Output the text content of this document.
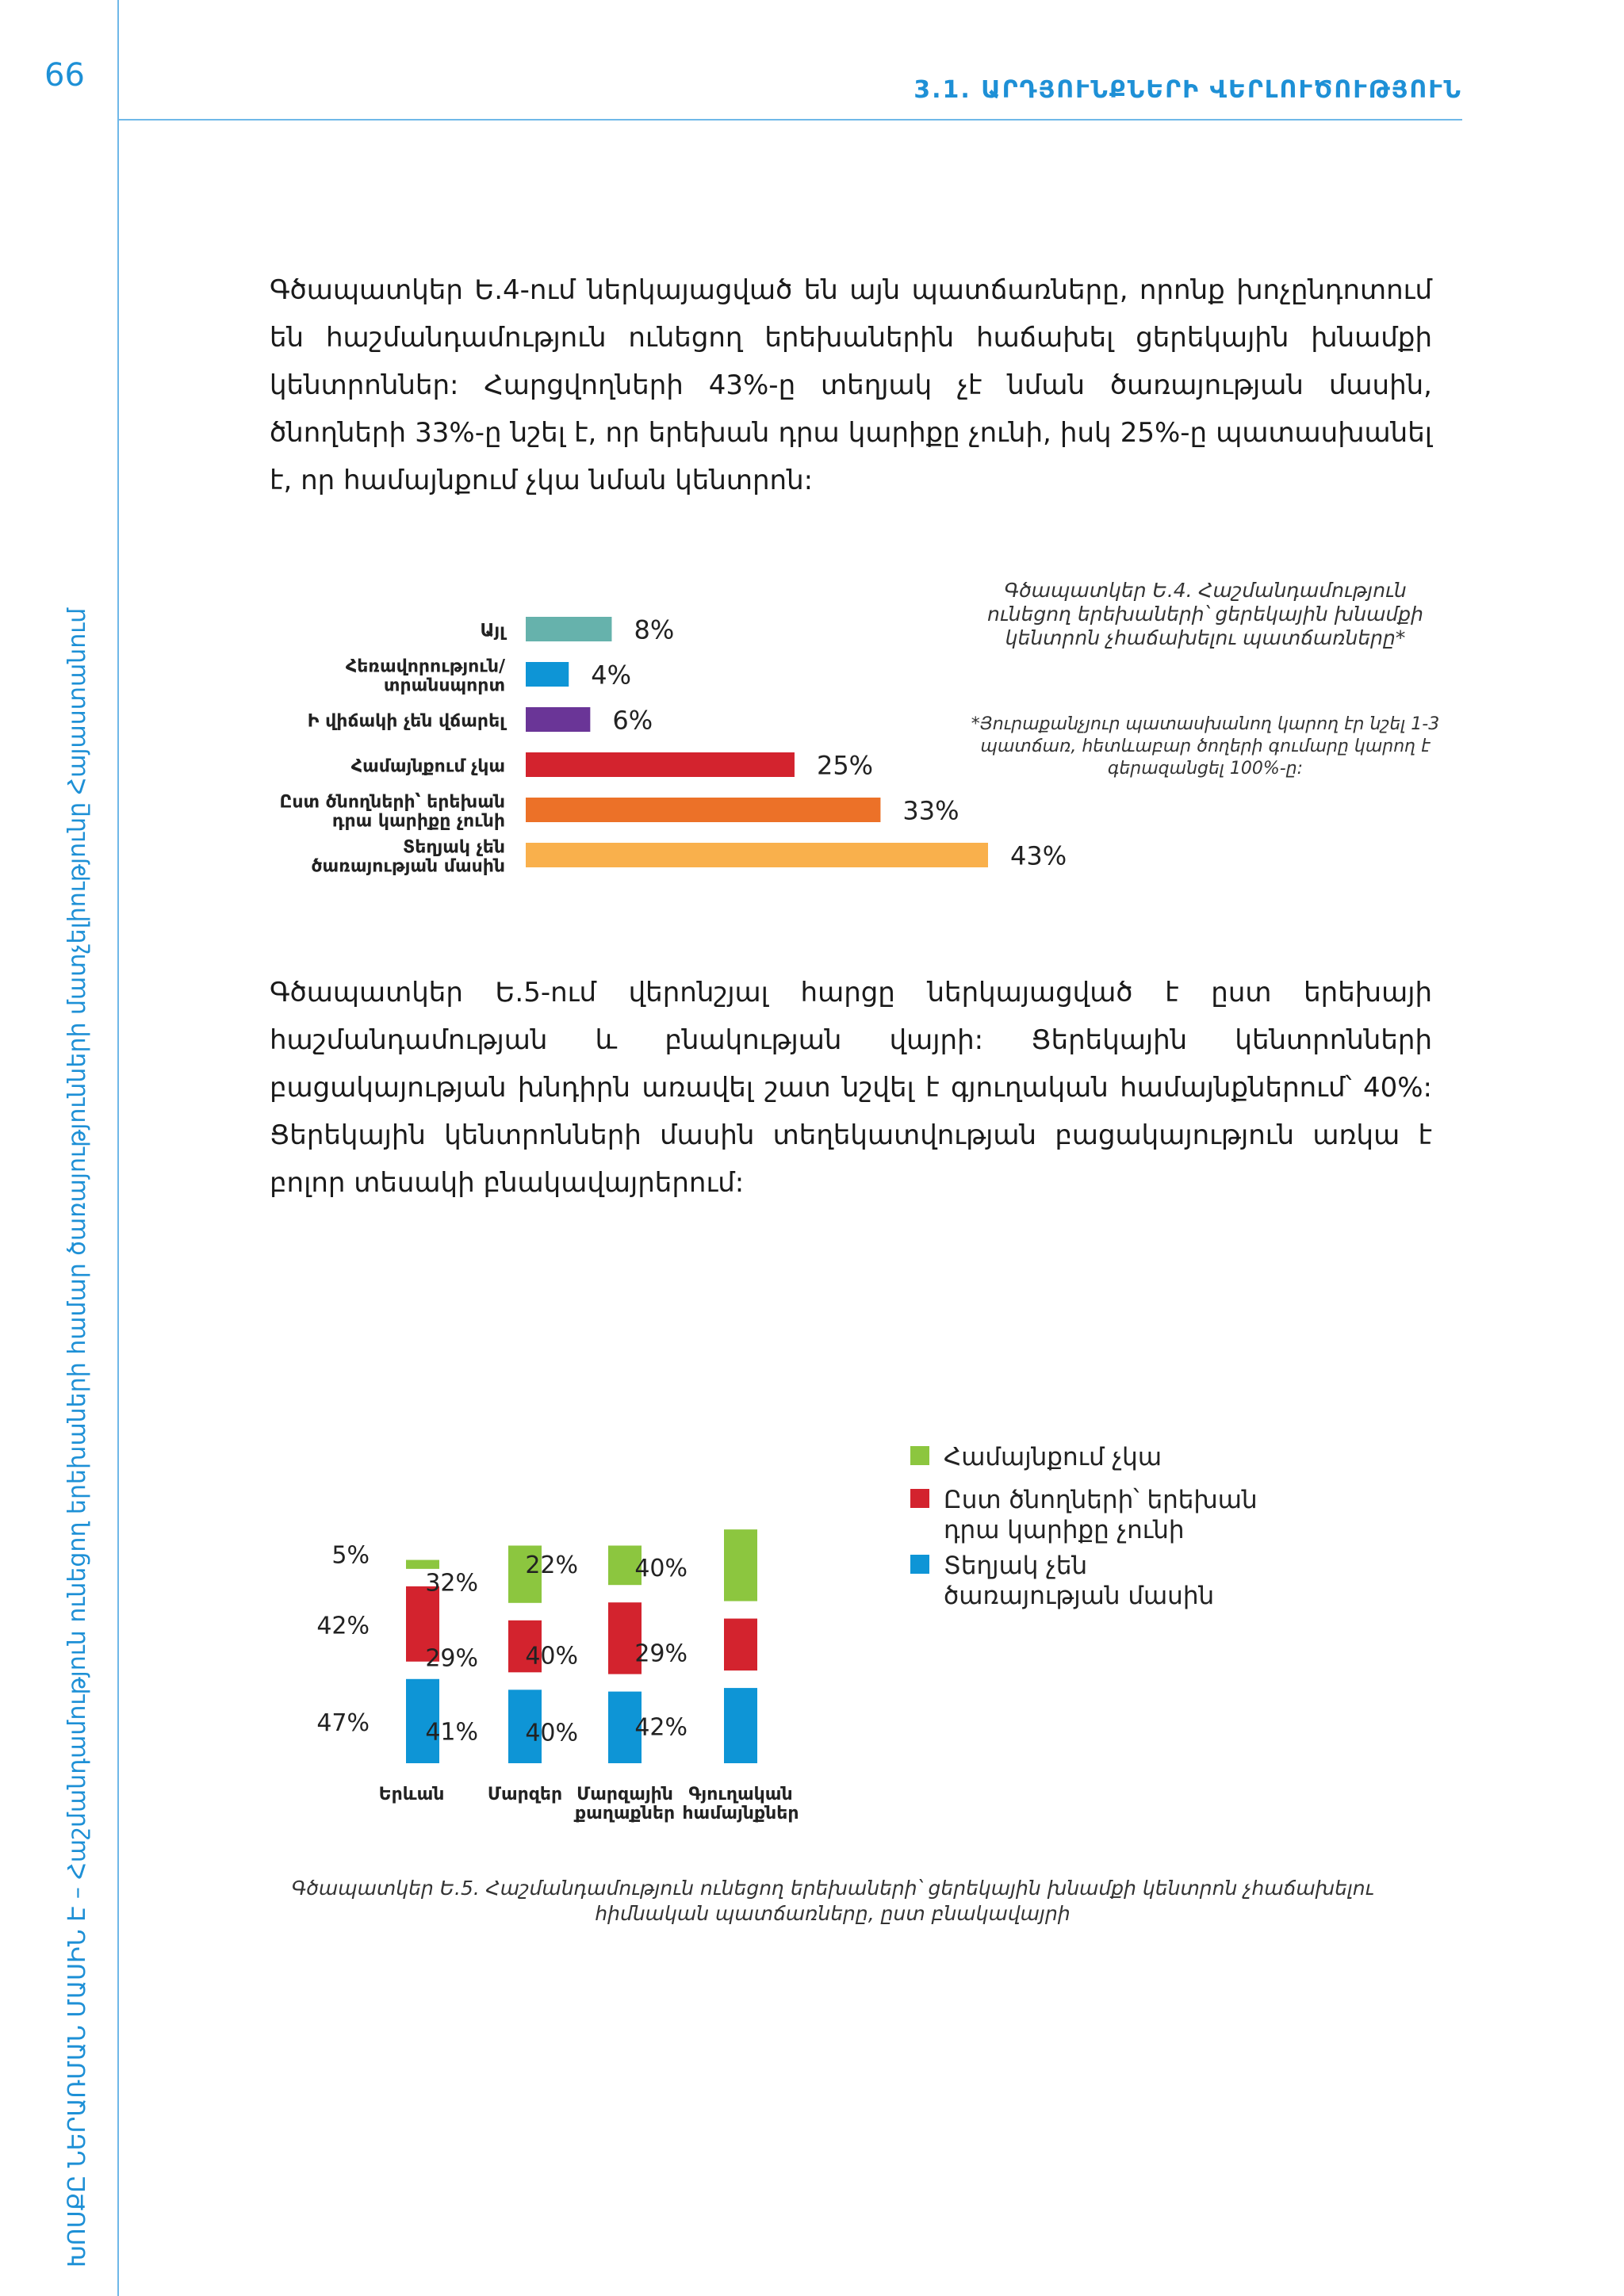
66	3.1. ԱՐԴՅՈՒՆՔՆԵՐԻ ՎԵՐԼՈՒԾՈՒԹՅՈՒՆ
ԽՈՍՔԸ ՆԵՐԱՌՄԱՆ ՄԱՍԻՆ Է – Հաշմանդամություն ունեցող երեխաների համար ծառայությունների մատչելիությունը Հայաստանում
Գծապատկեր Ե.4-ում ներկայացված են այն պատճառները, որոնք խոչընդոտում են հաշմանդամություն ունեցող երեխաներին հաճախել ցերեկային խնամքի կենտրոններ: Հարցվողների 43%-ը տեղյակ չէ նման ծառայության մասին, ծնողների 33%-ը նշել է, որ երեխան դրա կարիքը չունի, իսկ 25%-ը պատասխանել է, որ համայնքում չկա նման կենտրոն:
8%
Այլ
4%
Հեռավորություն/
տրանսպորտ
6%
Ի վիճակի չեն վճարել
25%
Համայնքում չկա
33%
Ըստ ծնողների՝ երեխան
դրա կարիքը չունի
43%
Տեղյակ չեն
ծառայության մասին
Գծապատկեր Ե.4. Հաշմանդամություն ունեցող երեխաների՝ ցերեկային խնամքի կենտրոն չհաճախելու պատճառները*
*Յուրաքանչյուր պատասխանող կարող էր նշել 1-3 պատճառ, հետևաբար ծողերի գումարը կարող է գերազանցել 100%-ը:
Գծապատկեր Ե.5-ում վերոնշյալ հարցը ներկայացված է ըստ երեխայի հաշմանդամության և բնակության վայրի: Ցերեկային կենտրոնների բացակայության խնդիրն առավել շատ նշվել է գյուղական համայնքներում՝ 40%: Ցերեկային կենտրոնների մասին տեղեկատվության բացակայություն առկա է բոլոր տեսակի բնակավայրերում:
47%
42%
5%
Երևան
41%
29%
32%
Մարզեր
40%
40%
22%
Մարզային
քաղաքներ
42%
29%
40%
Գյուղական
համայնքներ
Համայնքում չկա
Ըստ ծնողների՝ երեխան
դրա կարիքը չունի
Տեղյակ չեն
ծառայության մասին
Գծապատկեր Ե.5. Հաշմանդամություն ունեցող երեխաների՝ ցերեկային խնամքի կենտրոն չհաճախելու հիմնական պատճառները, ըստ բնակավայրի
